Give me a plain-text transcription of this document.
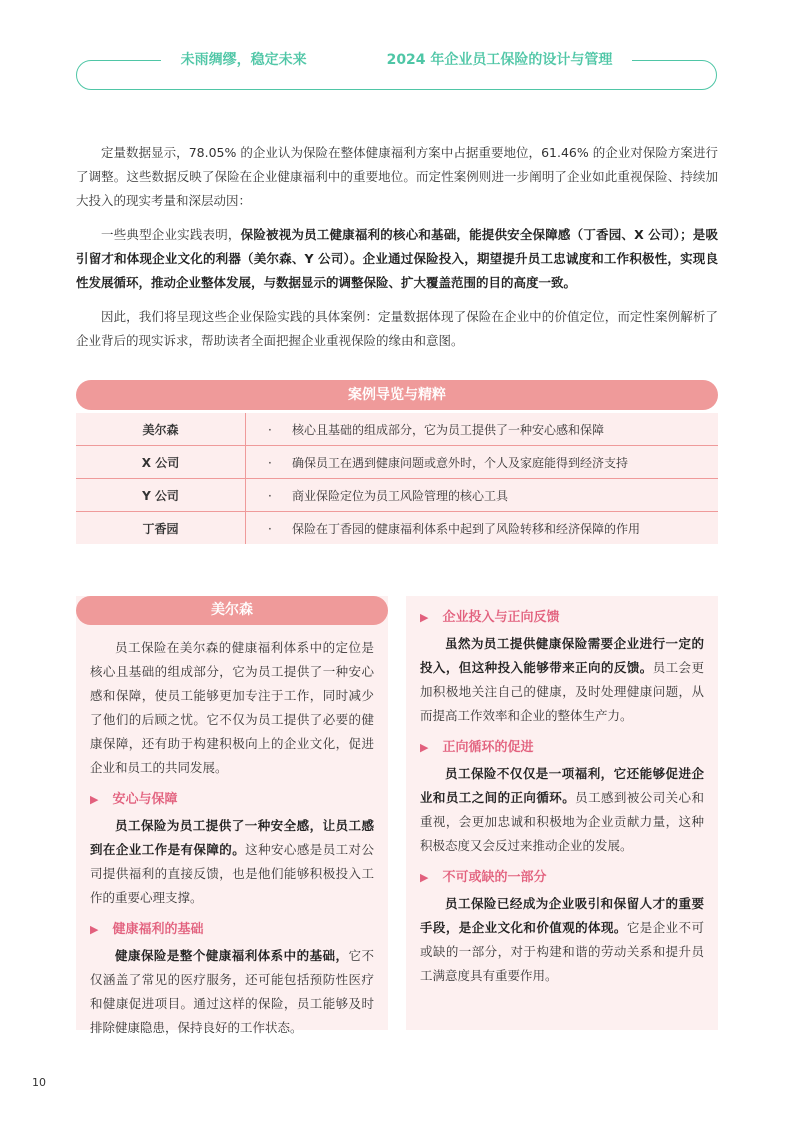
未雨绸缪，稳定未来	2024 年企业员工保险的设计与管理

定量数据显示，78.05% 的企业认为保险在整体健康福利方案中占据重要地位，61.46% 的企业对保险方案进行了调整。这些数据反映了保险在企业健康福利中的重要地位。而定性案例则进一步阐明了企业如此重视保险、持续加大投入的现实考量和深层动因：

一些典型企业实践表明，保险被视为员工健康福利的核心和基础，能提供安全保障感（丁香园、X 公司）；是吸引留才和体现企业文化的利器（美尔森、Y 公司）。企业通过保险投入，期望提升员工忠诚度和工作积极性，实现良性发展循环，推动企业整体发展，与数据显示的调整保险、扩大覆盖范围的目的高度一致。

因此，我们将呈现这些企业保险实践的具体案例：定量数据体现了保险在企业中的价值定位，而定性案例解析了企业背后的现实诉求，帮助读者全面把握企业重视保险的缘由和意图。

案例导览与精粹
美尔森	· 核心且基础的组成部分，它为员工提供了一种安心感和保障
X 公司	· 确保员工在遇到健康问题或意外时，个人及家庭能得到经济支持
Y 公司	· 商业保险定位为员工风险管理的核心工具
丁香园	· 保险在丁香园的健康福利体系中起到了风险转移和经济保障的作用
美尔森

员工保险在美尔森的健康福利体系中的定位是核心且基础的组成部分，它为员工提供了一种安心感和保障，使员工能够更加专注于工作，同时减少了他们的后顾之忧。它不仅为员工提供了必要的健康保障，还有助于构建积极向上的企业文化，促进企业和员工的共同发展。

▶ 安心与保障

员工保险为员工提供了一种安全感，让员工感到在企业工作是有保障的。这种安心感是员工对公司提供福利的直接反馈，也是他们能够积极投入工作的重要心理支撑。

▶ 健康福利的基础

健康保险是整个健康福利体系中的基础，它不仅涵盖了常见的医疗服务，还可能包括预防性医疗和健康促进项目。通过这样的保险，员工能够及时排除健康隐患，保持良好的工作状态。

▶ 企业投入与正向反馈

虽然为员工提供健康保险需要企业进行一定的投入，但这种投入能够带来正向的反馈。员工会更加积极地关注自己的健康，及时处理健康问题，从而提高工作效率和企业的整体生产力。

▶ 正向循环的促进

员工保险不仅仅是一项福利，它还能够促进企业和员工之间的正向循环。员工感到被公司关心和重视，会更加忠诚和积极地为企业贡献力量，这种积极态度又会反过来推动企业的发展。

▶ 不可或缺的一部分

员工保险已经成为企业吸引和保留人才的重要手段，是企业文化和价值观的体现。它是企业不可或缺的一部分，对于构建和谐的劳动关系和提升员工满意度具有重要作用。

10
